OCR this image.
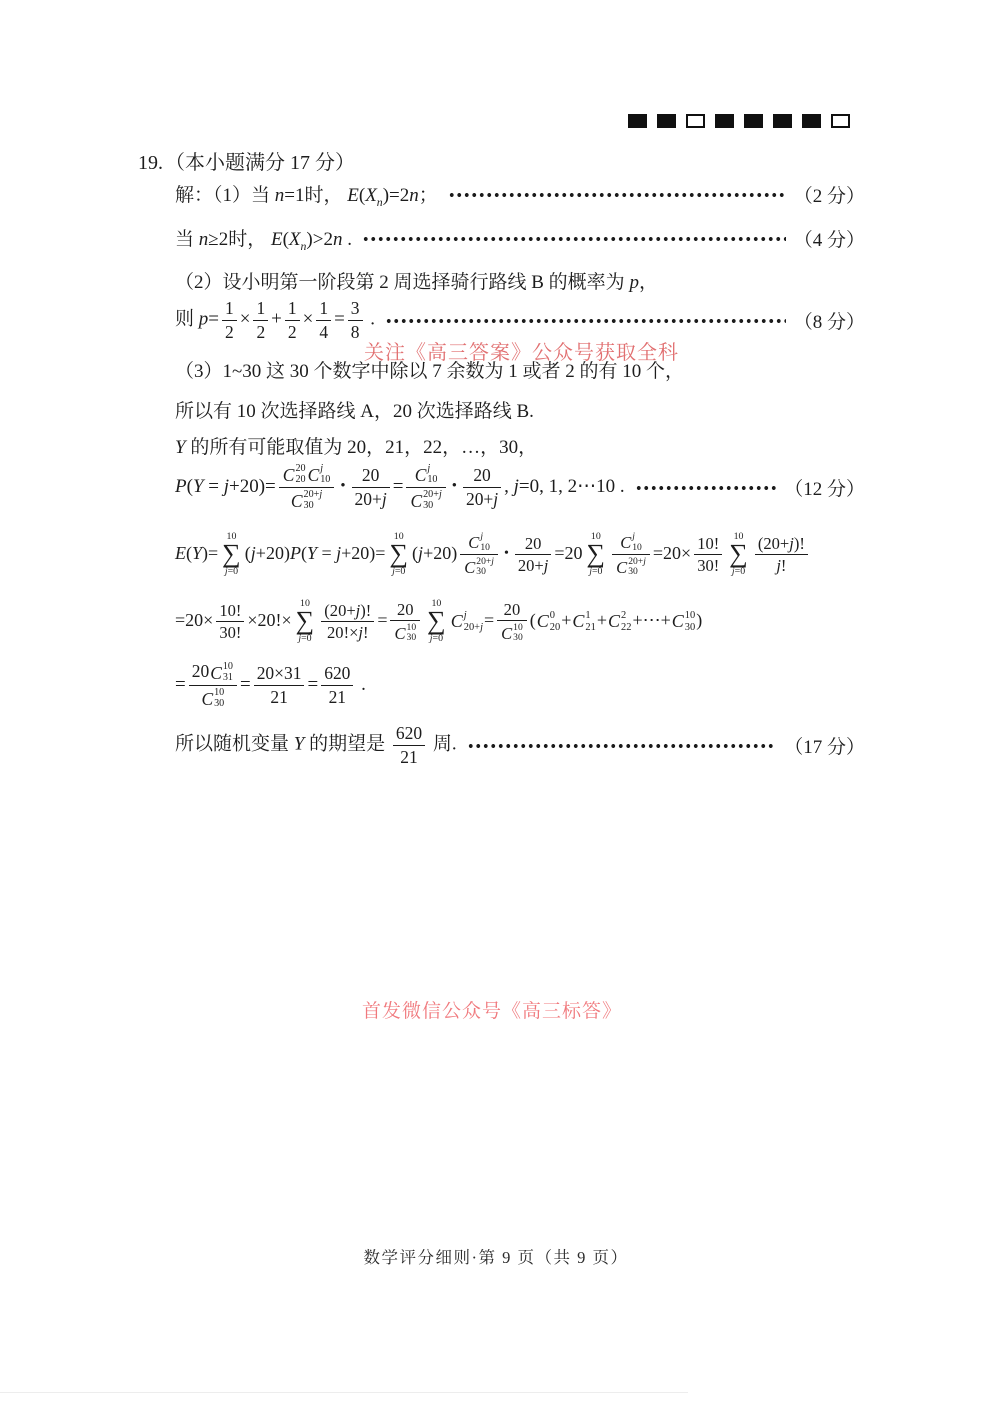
19. （本小题满分 17 分）
解：（1）当 n=1时， $E(X_n)=2n$；	（2 分）
当 n≥2时， $E(X_n)>2n$ .	（4 分）
（2）设小明第一阶段第 2 周选择骑行路线 B 的概率为 p，
则 $p= \frac{1}{2} \times \frac{1}{2} + \frac{1}{2} \times \frac{1}{4} = \frac{3}{8}$ .	（8 分）
（3）1~30 这 30 个数字中除以 7 余数为 1 或者 2 的有 10 个，
所以有 10 次选择路线 A，20 次选择路线 B.
Y 的所有可能取值为 20，21，22，…，30，
P(Y = j+20)= C 20
20 C j
10
C 20+j
30 • $\frac{20}{20+j} = C$ j
10
C 20+j
30 • $\frac{20}{20+j}$ , j=0, 1, 2⋯10 .	（12 分）
E(Y)=
10
∑
j=0
(j+20)P(Y = j+20)=
10
∑
j=0
(j+20) C j
10
C 20+j
30 • $\frac{20}{20+j} =20$
10
∑
j=0 C j
10
C 20+j
$30 =20\times \frac{10!}{30!} 10$
∑
$j=0 \frac{(20+j)!}{j!}$
$=20\times \frac{10!}{30!} \times 20!\times$
10
∑
$j=0 \frac{(20+j)!}{20!\times j!} = 20$
C 10
30 10
∑
j=0
C j
20+j = 20
C 10
30 ( C 0
20 + C 1
21 + C 2
22 +⋯+ C 10
30 )
= 20 C 10
31
C 10
$30 = \frac{20\times 31}{21} = \frac{620}{21}$ .
所以随机变量 Y 的期望是 $\frac{620}{21}$ 周.	（17 分）
关注《高三答案》公众号获取全科
首发微信公众号《高三标答》
数学评分细则·第 9 页（共 9 页）
